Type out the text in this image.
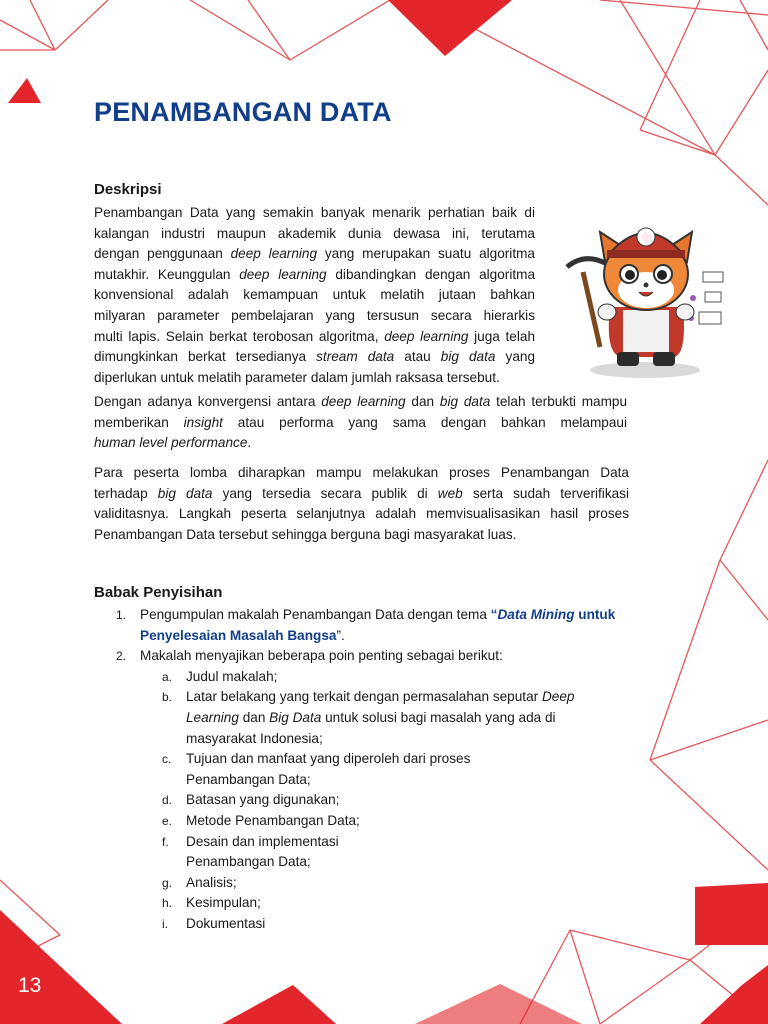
PENAMBANGAN DATA
Deskripsi

Penambangan Data yang semakin banyak menarik perhatian baik di

kalangan industri maupun akademik dunia dewasa ini, terutama

dengan penggunaan deep learning yang merupakan suatu algoritma

mutakhir. Keunggulan deep learning dibandingkan dengan algoritma

konvensional adalah kemampuan untuk melatih jutaan bahkan

milyaran parameter pembelajaran yang tersusun secara hierarkis

multi lapis. Selain berkat terobosan algoritma, deep learning juga telah

dimungkinkan berkat tersedianya stream data atau big data yang

diperlukan untuk melatih parameter dalam jumlah raksasa tersebut.

Dengan adanya konvergensi antara deep learning dan big data telah terbukti mampu

memberikan insight atau performa yang sama dengan bahkan melampaui

human level performance.

Para peserta lomba diharapkan mampu melakukan proses Penambangan Data

terhadap big data yang tersedia secara publik di web serta sudah terverifikasi

validitasnya. Langkah peserta selanjutnya adalah memvisualisasikan hasil proses

Penambangan Data tersebut sehingga berguna bagi masyarakat luas.

Babak Penyisihan
1.	Pengumpulan makalah Penambangan Data dengan tema “Data Mining untuk
Penyelesaian Masalah Bangsa”.
2.	Makalah menyajikan beberapa poin penting sebagai berikut:
a.	Judul makalah;
b.	Latar belakang yang terkait dengan permasalahan seputar Deep
Learning dan Big Data untuk solusi bagi masalah yang ada di
masyarakat Indonesia;
c.	Tujuan dan manfaat yang diperoleh dari proses
Penambangan Data;
d.	Batasan yang digunakan;
e.	Metode Penambangan Data;
f.	Desain dan implementasi
Penambangan Data;
g.	Analisis;
h.	Kesimpulan;
i.	Dokumentasi
13
